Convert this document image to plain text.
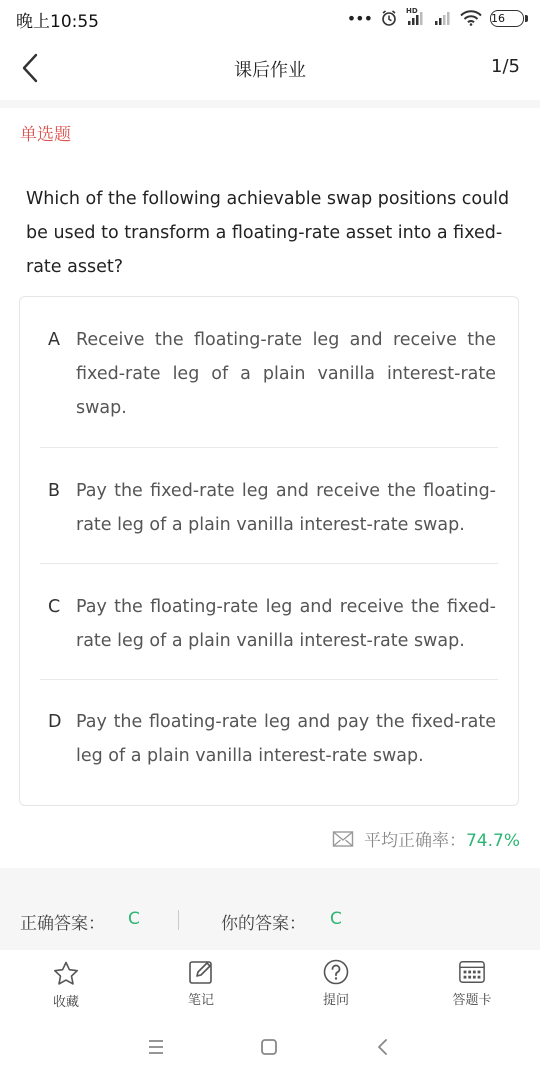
晚上10:55	•••	HD
16
课后作业	1/5
单选题
Which of the following achievable swap positions could be used to transform a floating-rate asset into a fixed-rate asset?
A Receive the floating-rate leg and receive the fixed-rate leg of a plain vanilla interest-rate swap.
B Pay the fixed-rate leg and receive the floating-rate leg of a plain vanilla interest-rate swap.
C Pay the floating-rate leg and receive the fixed-rate leg of a plain vanilla interest-rate swap.
D Pay the floating-rate leg and pay the fixed-rate leg of a plain vanilla interest-rate swap.
平均正确率：74.7%
正确答案： C	你的答案： C
收藏	笔记	提问	答题卡
